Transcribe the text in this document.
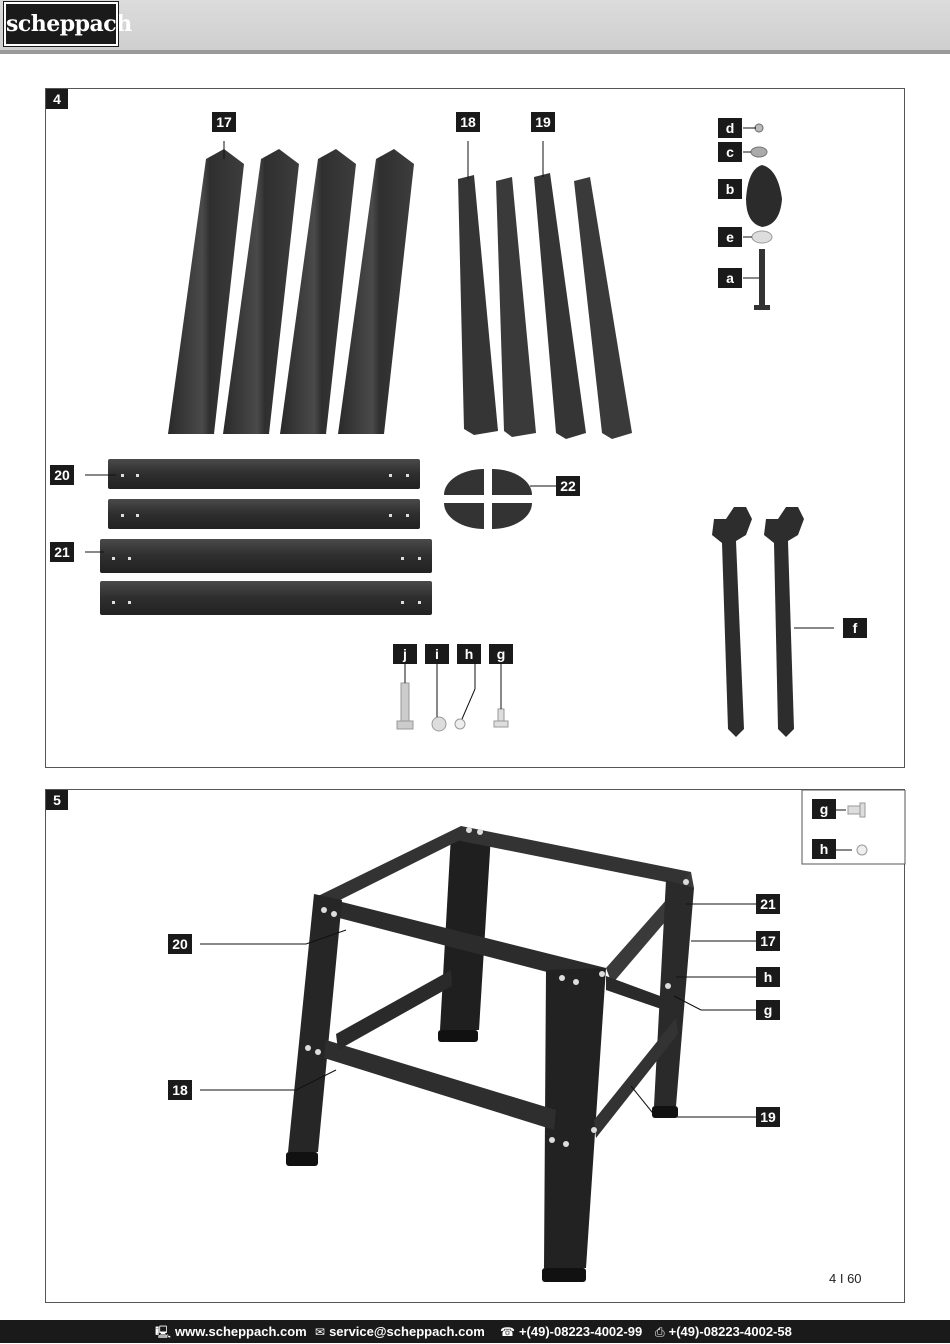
scheppach
4
17	18	19	d
c
b
e
a
20
21
22
f
j	i	h	g
5
g
h
20
18
21
17
h
g
19
4 I 60
🖳 www.scheppach.com ✉ service@scheppach.com ☎ +(49)-08223-4002-99 ⎙ +(49)-08223-4002-58
